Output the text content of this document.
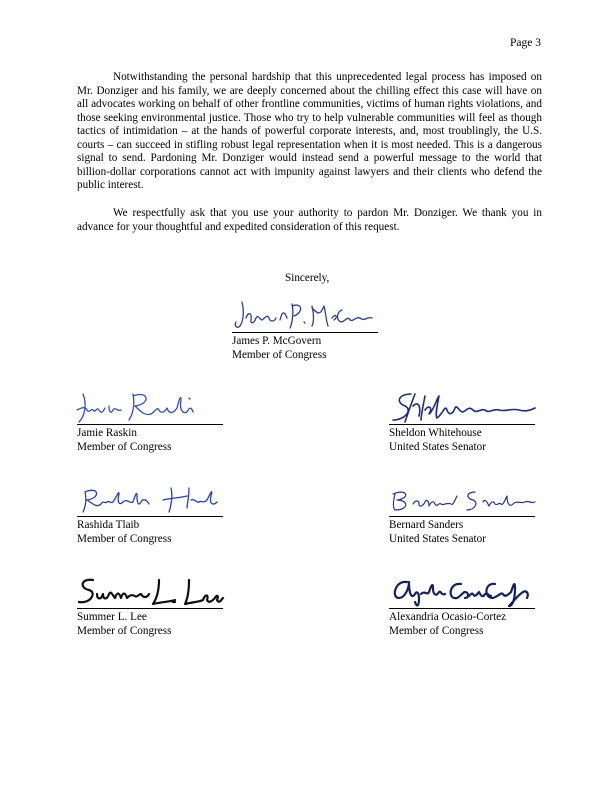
Page 3

Notwithstanding the personal hardship that this unprecedented legal process has imposed on Mr. Donziger and his family, we are deeply concerned about the chilling effect this case will have on all advocates working on behalf of other frontline communities, victims of human rights violations, and those seeking environmental justice. Those who try to help vulnerable communities will feel as though tactics of intimidation – at the hands of powerful corporate interests, and, most troublingly, the U.S. courts – can succeed in stifling robust legal representation when it is most needed. This is a dangerous signal to send. Pardoning Mr. Donziger would instead send a powerful message to the world that billion-dollar corporations cannot act with impunity against lawyers and their clients who defend the public interest.

We respectfully ask that you use your authority to pardon Mr. Donziger. We thank you in advance for your thoughtful and expedited consideration of this request.

Sincerely,
James P. McGovern
Member of Congress
Jamie Raskin
Member of Congress
Sheldon Whitehouse
United States Senator
Rashida Tlaib
Member of Congress
Bernard Sanders
United States Senator
Summer L. Lee
Member of Congress
Alexandria Ocasio-Cortez
Member of Congress
